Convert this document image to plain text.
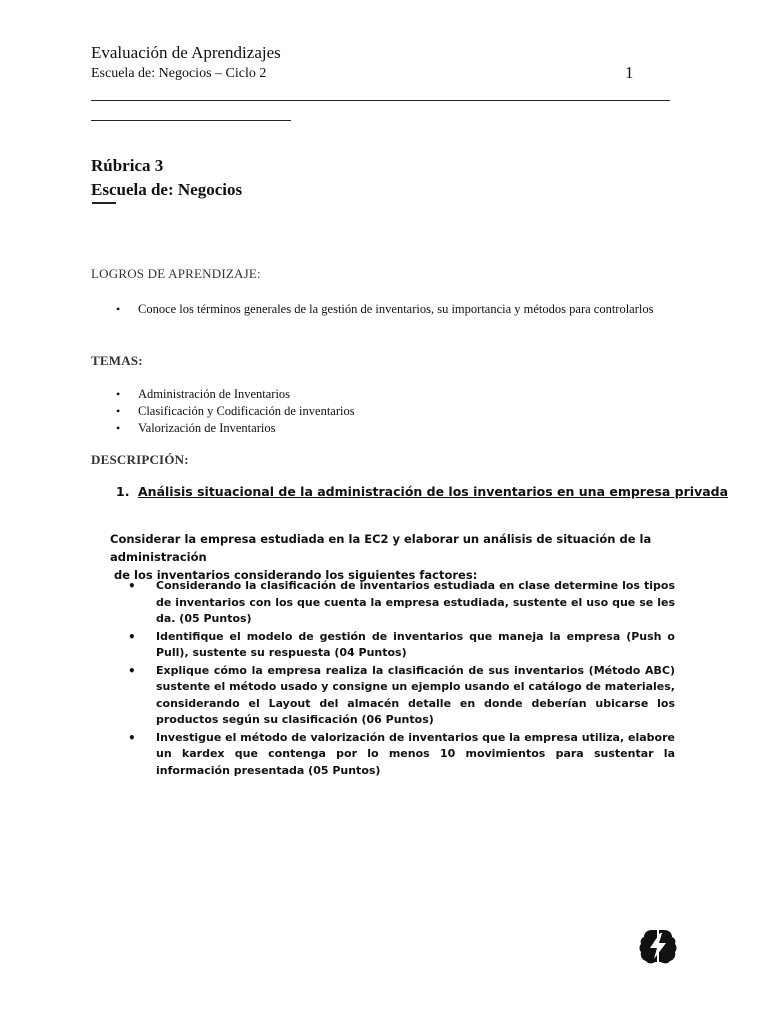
Evaluación de Aprendizajes
Escuela de: Negocios – Ciclo 2	1
Rúbrica 3
Escuela de: Negocios
LOGROS DE APRENDIZAJE:
• Conoce los términos generales de la gestión de inventarios, su importancia y métodos para controlarlos
TEMAS:
• Administración de Inventarios
• Clasificación y Codificación de inventarios
• Valorización de Inventarios
DESCRIPCIÓN:
1. Análisis situacional de la administración de los inventarios en una empresa privada
Considerar la empresa estudiada en la EC2 y elaborar un análisis de situación de la administración
de los inventarios considerando los siguientes factores:
• Considerando la clasificación de inventarios estudiada en clase determine los tipos de inventarios con los que cuenta la empresa estudiada, sustente el uso que se les da. (05 Puntos)
• Identifique el modelo de gestión de inventarios que maneja la empresa (Push o Pull), sustente su respuesta (04 Puntos)
• Explique cómo la empresa realiza la clasificación de sus inventarios (Método ABC) sustente el método usado y consigne un ejemplo usando el catálogo de materiales, considerando el Layout del almacén detalle en donde deberían ubicarse los productos según su clasificación (06 Puntos)
• Investigue el método de valorización de inventarios que la empresa utiliza, elabore un kardex que contenga por lo menos 10 movimientos para sustentar la información presentada (05 Puntos)
